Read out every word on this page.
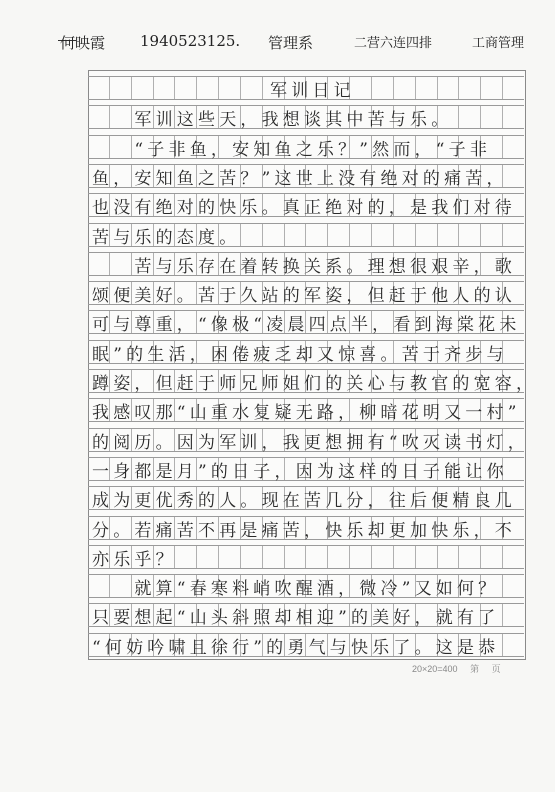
何映霞 1940523125. 管理系	二营六连四排	工商管理
军训日记
　　军训这些天，我想谈其中苦与乐。
　　“子非鱼，安知鱼之乐？”然而，“子非
鱼，安知鱼之苦？”这世上没有绝对的痛苦，
也没有绝对的快乐。真正绝对的，是我们对待
苦与乐的态度。
　　苦与乐存在着转换关系。理想很艰辛，歌
颂便美好。苦于久站的军姿，但赶于他人的认
可与尊重，“像极“凌晨四点半，看到海棠花未
眠”的生活，困倦疲乏却又惊喜。苦于齐步与
蹲姿，但赶于师兄师姐们的关心与教官的宽容，
我感叹那“山重水复疑无路，柳暗花明又一村”
的阅历。因为军训，我更想拥有“吹灭读书灯，
一身都是月”的日子，因为这样的日子能让你
成为更优秀的人。现在苦几分，往后便精良几
分。若痛苦不再是痛苦，快乐却更加快乐，不
亦乐乎？
　　就算“春寒料峭吹醒酒，微冷”又如何？
只要想起“山头斜照却相迎”的美好，就有了
“何妨吟啸且徐行”的勇气与快乐了。这是恭
20×20=400 第 页
